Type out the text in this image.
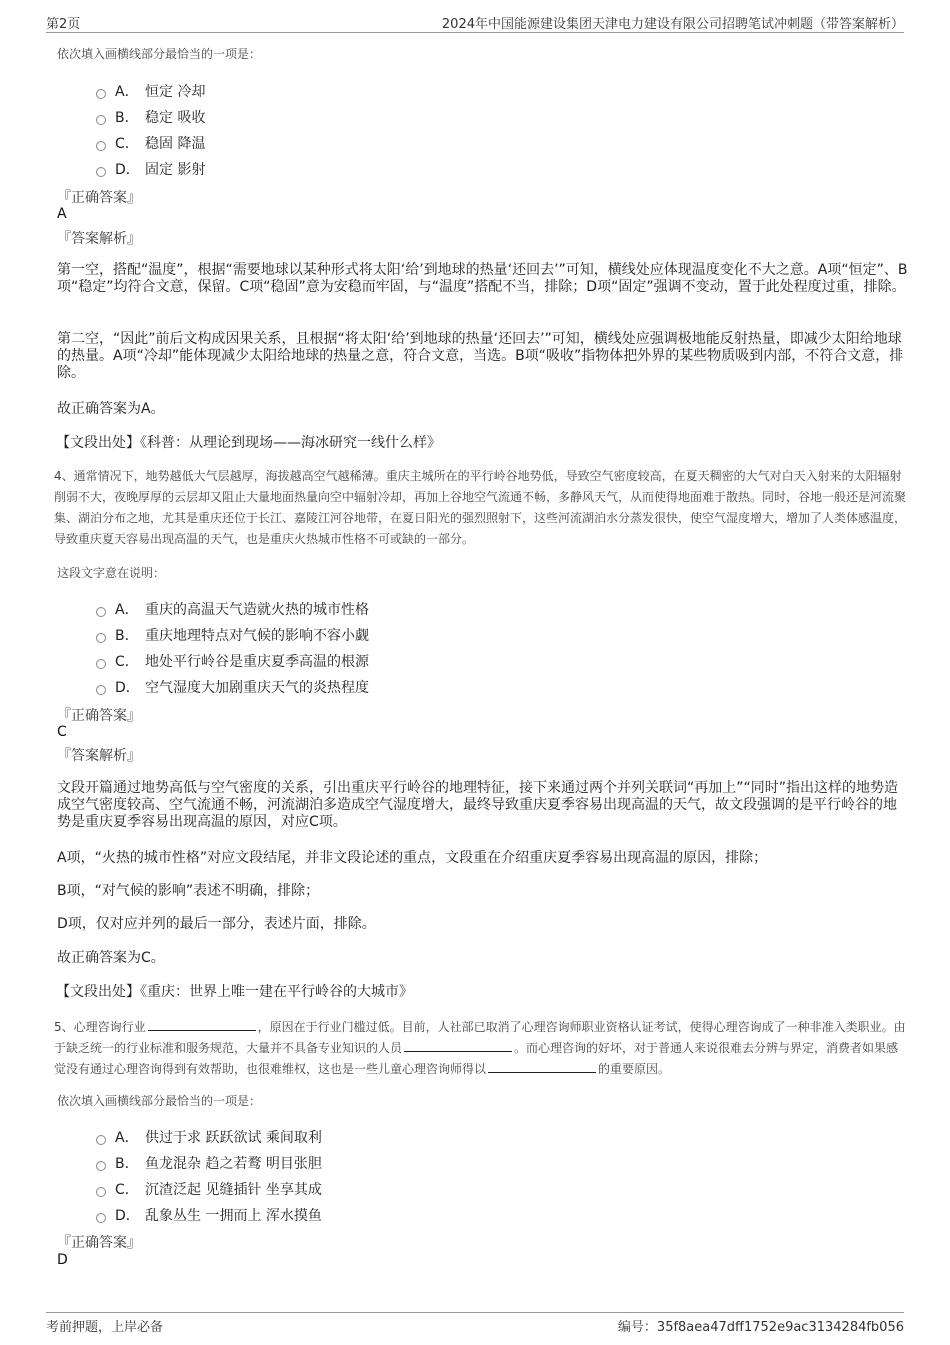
第2页	2024年中国能源建设集团天津电力建设有限公司招聘笔试冲刺题（带答案解析）
依次填入画横线部分最恰当的一项是：
A． 恒定 冷却
B． 稳定 吸收
C． 稳固 降温
D． 固定 影射
『正确答案』
A
『答案解析』
第一空，搭配“温度”，根据“需要地球以某种形式将太阳‘给’到地球的热量‘还回去’”可知，横线处应体现温度变化不大之意。A项“恒定”、B项“稳定”均符合文意，保留。C项“稳固”意为安稳而牢固，与“温度”搭配不当，排除；D项“固定”强调不变动，置于此处程度过重，排除。
第二空，“因此”前后文构成因果关系，且根据“将太阳‘给’到地球的热量‘还回去’”可知，横线处应强调极地能反射热量，即减少太阳给地球的热量。A项“冷却”能体现减少太阳给地球的热量之意，符合文意，当选。B项“吸收”指物体把外界的某些物质吸到内部，不符合文意，排除。
故正确答案为A。
【文段出处】《科普：从理论到现场——海冰研究一线什么样》
4、通常情况下，地势越低大气层越厚，海拔越高空气越稀薄。重庆主城所在的平行岭谷地势低，导致空气密度较高，在夏天稠密的大气对白天入射来的太阳辐射削弱不大，夜晚厚厚的云层却又阻止大量地面热量向空中辐射冷却，再加上谷地空气流通不畅，多静风天气，从而使得地面难于散热。同时，谷地一般还是河流聚集、湖泊分布之地，尤其是重庆还位于长江、嘉陵江河谷地带，在夏日阳光的强烈照射下，这些河流湖泊水分蒸发很快，使空气湿度增大，增加了人类体感温度，导致重庆夏天容易出现高温的天气，也是重庆火热城市性格不可或缺的一部分。
这段文字意在说明：
A． 重庆的高温天气造就火热的城市性格
B． 重庆地理特点对气候的影响不容小觑
C． 地处平行岭谷是重庆夏季高温的根源
D． 空气湿度大加剧重庆天气的炎热程度
『正确答案』
C
『答案解析』
文段开篇通过地势高低与空气密度的关系，引出重庆平行岭谷的地理特征，接下来通过两个并列关联词“再加上”“同时”指出这样的地势造成空气密度较高、空气流通不畅，河流湖泊多造成空气湿度增大，最终导致重庆夏季容易出现高温的天气，故文段强调的是平行岭谷的地势是重庆夏季容易出现高温的原因，对应C项。
A项，“火热的城市性格”对应文段结尾，并非文段论述的重点，文段重在介绍重庆夏季容易出现高温的原因，排除；
B项，“对气候的影响”表述不明确，排除；
D项，仅对应并列的最后一部分，表述片面，排除。
故正确答案为C。
【文段出处】《重庆：世界上唯一建在平行岭谷的大城市》
5、心理咨询行业	，原因在于行业门槛过低。目前，人社部已取消了心理咨询师职业资格认证考试，使得心理咨询成了一种非准入类职业。由于缺乏统一的行业标准和服务规范，大量并不具备专业知识的人员	。而心理咨询的好坏，对于普通人来说很难去分辨与界定，消费者如果感觉没有通过心理咨询得到有效帮助，也很难维权，这也是一些儿童心理咨询师得以	的重要原因。
依次填入画横线部分最恰当的一项是：
A． 供过于求 跃跃欲试 乘间取利
B． 鱼龙混杂 趋之若鹜 明目张胆
C． 沉渣泛起 见缝插针 坐享其成
D． 乱象丛生 一拥而上 浑水摸鱼
『正确答案』
D
考前押题，上岸必备	编号：35f8aea47dff1752e9ac3134284fb056
